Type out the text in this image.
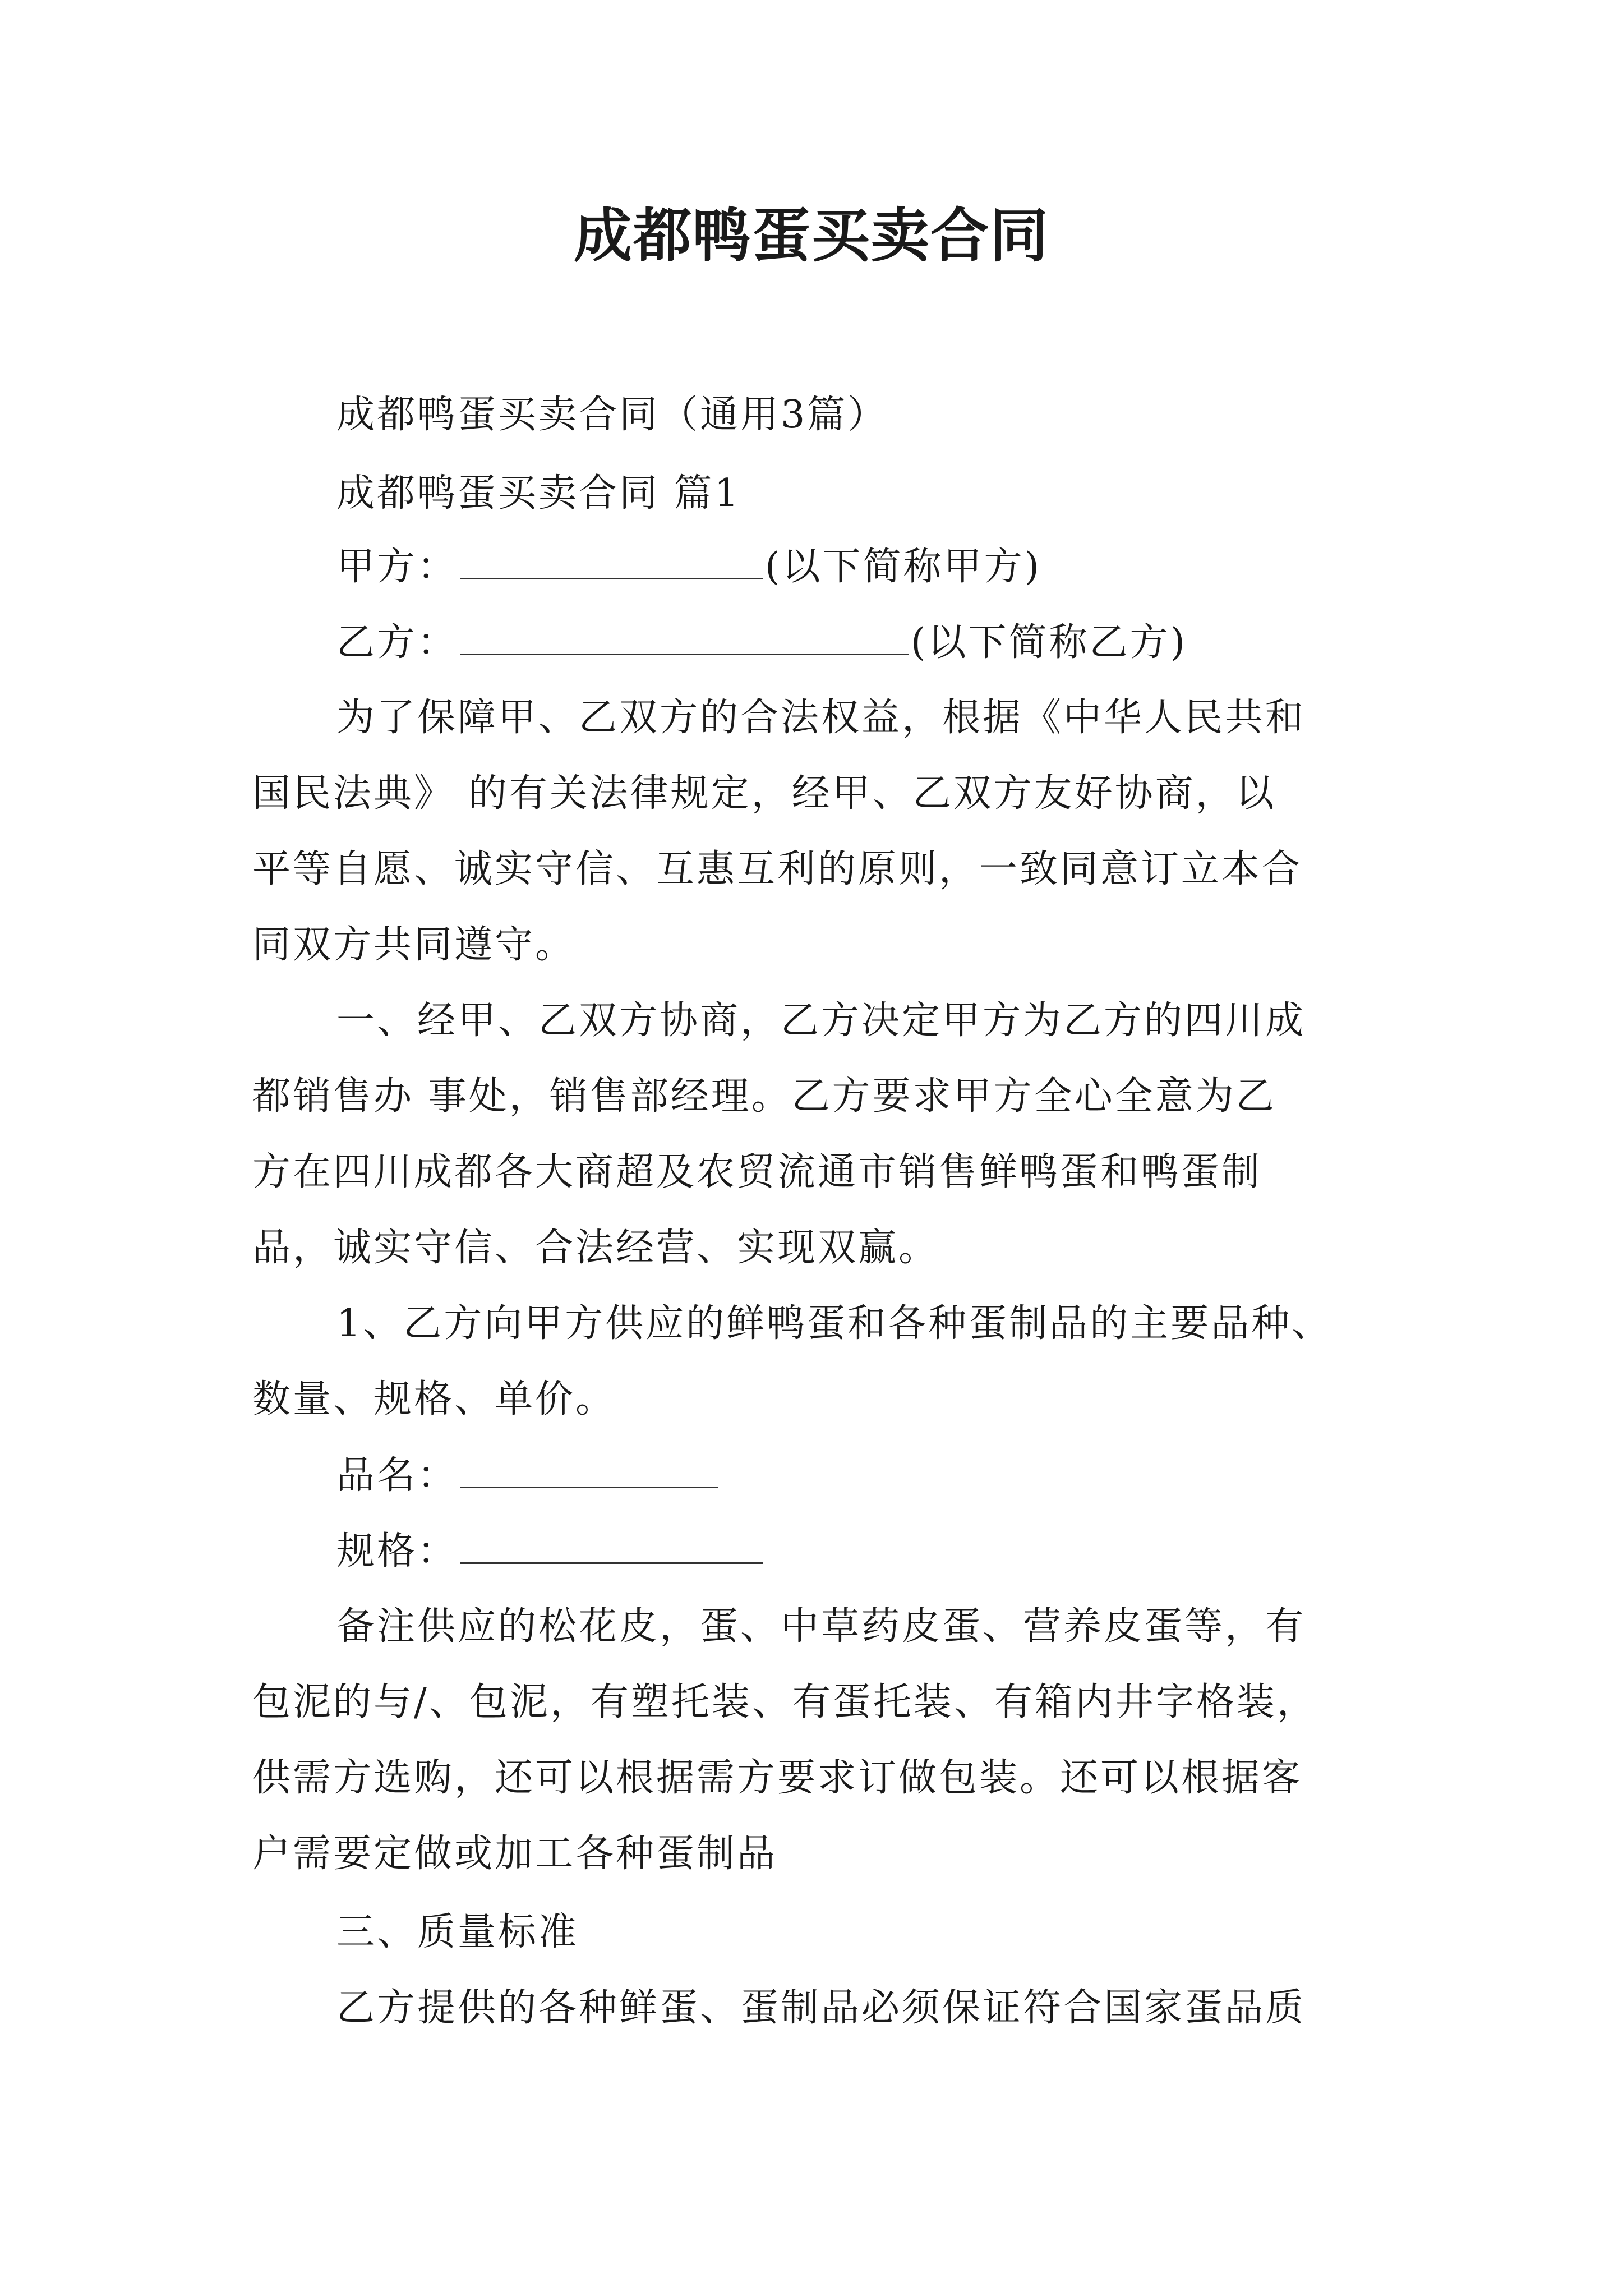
成都鸭蛋买卖合同
成都鸭蛋买卖合同（通用3篇）
成都鸭蛋买卖合同 篇1
甲方：	(以下简称甲方)
乙方：	(以下简称乙方)
为了保障甲、乙双方的合法权益，根据《中华人民共和
国民法典》 的有关法律规定，经甲、乙双方友好协商，以
平等自愿、诚实守信、互惠互利的原则，一致同意订立本合
同双方共同遵守。
一、经甲、乙双方协商，乙方决定甲方为乙方的四川成
都销售办 事处，销售部经理。乙方要求甲方全心全意为乙
方在四川成都各大商超及农贸流通市销售鲜鸭蛋和鸭蛋制
品，诚实守信、合法经营、实现双赢。
1、乙方向甲方供应的鲜鸭蛋和各种蛋制品的主要品种、
数量、规格、单价。
品名：
规格：
备注供应的松花皮，蛋、中草药皮蛋、营养皮蛋等，有
包泥的与/、包泥，有塑托装、有蛋托装、有箱内井字格装，
供需方选购，还可以根据需方要求订做包装。还可以根据客
户需要定做或加工各种蛋制品
三、质量标准
乙方提供的各种鲜蛋、蛋制品必须保证符合国家蛋品质
